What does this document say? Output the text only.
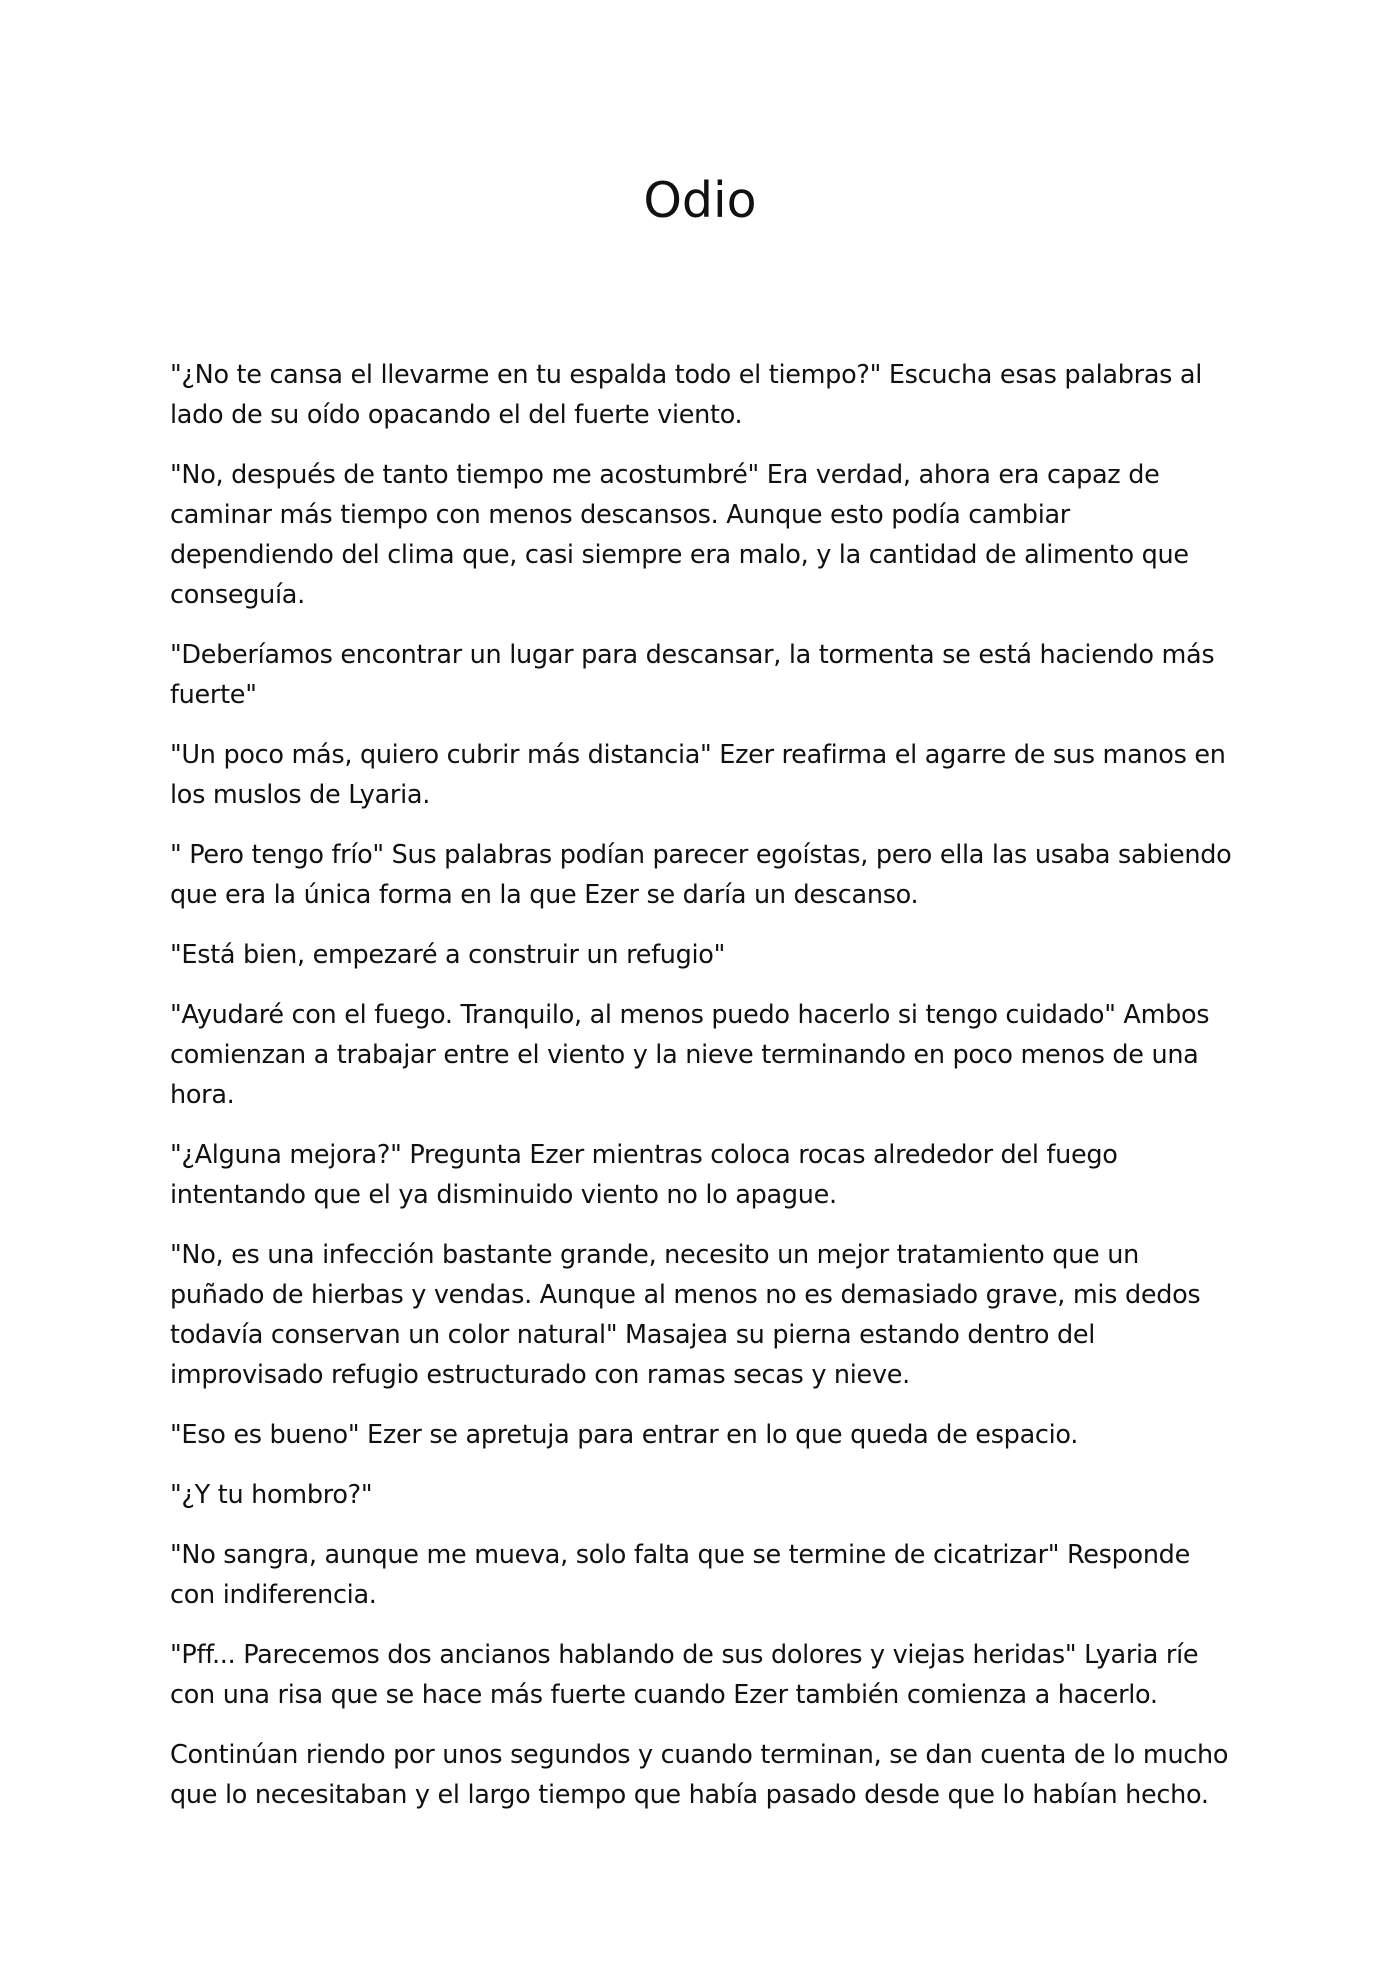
Odio

"¿No te cansa el llevarme en tu espalda todo el tiempo?" Escucha esas palabras al lado de su oído opacando el del fuerte viento.

"No, después de tanto tiempo me acostumbré" Era verdad, ahora era capaz de caminar más tiempo con menos descansos. Aunque esto podía cambiar dependiendo del clima que, casi siempre era malo, y la cantidad de alimento que conseguía.

"Deberíamos encontrar un lugar para descansar, la tormenta se está haciendo más fuerte"

"Un poco más, quiero cubrir más distancia" Ezer reafirma el agarre de sus manos en los muslos de Lyaria.

" Pero tengo frío" Sus palabras podían parecer egoístas, pero ella las usaba sabiendo que era la única forma en la que Ezer se daría un descanso.

"Está bien, empezaré a construir un refugio"

"Ayudaré con el fuego. Tranquilo, al menos puedo hacerlo si tengo cuidado" Ambos comienzan a trabajar entre el viento y la nieve terminando en poco menos de una hora.

"¿Alguna mejora?" Pregunta Ezer mientras coloca rocas alrededor del fuego intentando que el ya disminuido viento no lo apague.

"No, es una infección bastante grande, necesito un mejor tratamiento que un puñado de hierbas y vendas. Aunque al menos no es demasiado grave, mis dedos todavía conservan un color natural" Masajea su pierna estando dentro del improvisado refugio estructurado con ramas secas y nieve.

"Eso es bueno" Ezer se apretuja para entrar en lo que queda de espacio.

"¿Y tu hombro?"

"No sangra, aunque me mueva, solo falta que se termine de cicatrizar" Responde con indiferencia.

"Pff... Parecemos dos ancianos hablando de sus dolores y viejas heridas" Lyaria ríe con una risa que se hace más fuerte cuando Ezer también comienza a hacerlo.

Continúan riendo por unos segundos y cuando terminan, se dan cuenta de lo mucho que lo necesitaban y el largo tiempo que había pasado desde que lo habían hecho.
